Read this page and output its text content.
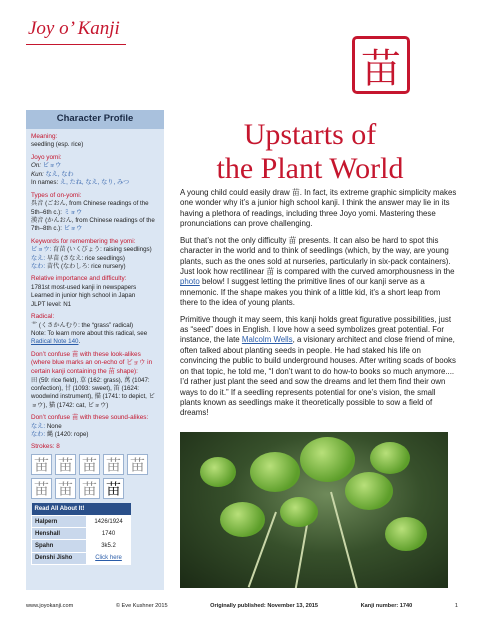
Joy o’ Kanji
苗
Character Profile
Meaning:
seedling (esp. rice)
Joyo yomi:
On: ビョウ
Kun: なえ, なわ
In names: え, たね, なえ, なり, みつ
Types of on-yomi:
呉音 (ごおん, from Chinese readings of the 5th–6th c.): ミョウ
漢音 (かんおん, from Chinese readings of the 7th–8th c.): ビョウ
Keywords for remembering the yomi:
ビョウ: 育苗 (いくびょう: raising seedlings)
なえ: 早苗 (さなえ: rice seedlings)
なわ: 苗代 (なわしろ: rice nursery)
Relative importance and difficulty:
1781st most-used kanji in newspapers
Learned in junior high school in Japan
JLPT level: N1
Radical:
艹 (くさかんむり: the “grass” radical)
Note: To learn more about this radical, see
Radical Note 140.
Don’t confuse 苗 with these look-alikes (where blue marks an on-echo of ビョウ in certain kanji containing the 苗 shape):
田 (59: rice field), 草 (162: grass), 萬 (1047: confection), 甘 (1093: sweet), 笛 (1624: woodwind instrument), 描 (1741: to depict, ビョウ), 猫 (1742: cat, ビョウ)
Don’t confuse 苗 with these sound-alikes:
なえ: None
なわ: 縄 (1420: rope)
Strokes: 8
苗 苗 苗 苗 苗
苗 苗 苗 苗
Read All About It!	
Halpern	1426/1924
Henshall	1740
Spahn	3k5.2
Denshi Jisho	Click here
Upstarts of
the Plant World

A young child could easily draw 苗. In fact, its extreme graphic simplicity makes one wonder why it’s a junior high school kanji. I think the answer may lie in its having a plethora of readings, including three Joyo yomi. Mastering these pronunciations can prove challenging.

But that’s not the only difficulty 苗 presents. It can also be hard to spot this character in the world and to think of seedlings (which, by the way, are young plants, such as the ones sold at nurseries, particularly in six-pack containers). Just look how rectilinear 苗 is compared with the curved amorphousness in the photo below! I suggest letting the primitive lines of our kanji serve as a mnemonic. If the shape makes you think of a little kid, it’s a short leap from there to the idea of young plants.

Primitive though it may seem, this kanji holds great figurative possibilities, just as “seed” does in English. I love how a seed symbolizes great potential. For instance, the late Malcolm Wells, a visionary architect and close friend of mine, often talked about planting seeds in people. He had staked his life on convincing the public to build underground houses. After writing scads of books on that topic, he told me, “I don’t want to do how-to books so much anymore.... I’d rather just plant the seed and sow the dreams and let them find their own ways to do it.” If a seedling represents potential for one’s vision, the small plants known as seedlings make it theoretically possible to sow a field of dreams!

www.joyokanji.com	© Eve Kushner 2015	Originally published: November 13, 2015	Kanji number: 1740	1
